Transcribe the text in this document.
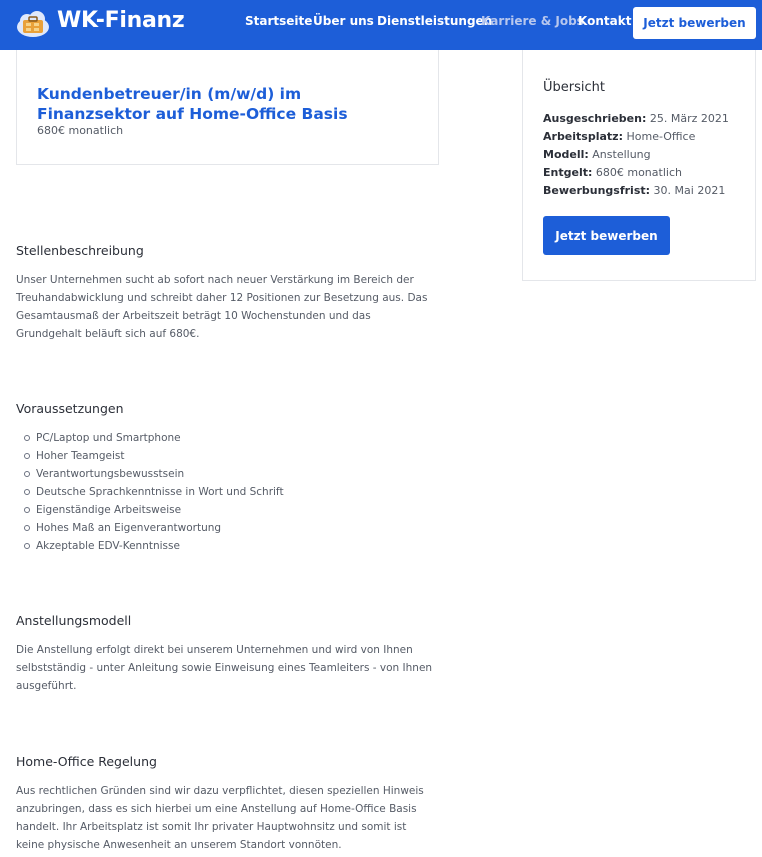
WK-Finanz	Startseite Über uns Dienstleistungen
Karriere & Jobs
Kontakt Jetzt bewerben
Kundenbetreuer/in (m/w/d) im Finanzsektor auf Home-Office Basis
680€ monatlich
Übersicht
Ausgeschrieben: 25. März 2021
Arbeitsplatz: Home-Office
Modell: Anstellung
Entgelt: 680€ monatlich
Bewerbungsfrist: 30. Mai 2021
Jetzt bewerben
Stellenbeschreibung
Unser Unternehmen sucht ab sofort nach neuer Verstärkung im Bereich der Treuhandabwicklung und schreibt daher 12 Positionen zur Besetzung aus. Das Gesamtausmaß der Arbeitszeit beträgt 10 Wochenstunden und das Grundgehalt beläuft sich auf 680€.
Voraussetzungen
PC/Laptop und Smartphone
Hoher Teamgeist
Verantwortungsbewusstsein
Deutsche Sprachkenntnisse in Wort und Schrift
Eigenständige Arbeitsweise
Hohes Maß an Eigenverantwortung
Akzeptable EDV-Kenntnisse
Anstellungsmodell
Die Anstellung erfolgt direkt bei unserem Unternehmen und wird von Ihnen selbstständig - unter Anleitung sowie Einweisung eines Teamleiters - von Ihnen ausgeführt.
Home-Office Regelung
Aus rechtlichen Gründen sind wir dazu verpflichtet, diesen speziellen Hinweis anzubringen, dass es sich hierbei um eine Anstellung auf Home-Office Basis handelt. Ihr Arbeitsplatz ist somit Ihr privater Hauptwohnsitz und somit ist keine physische Anwesenheit an unserem Standort vonnöten.
